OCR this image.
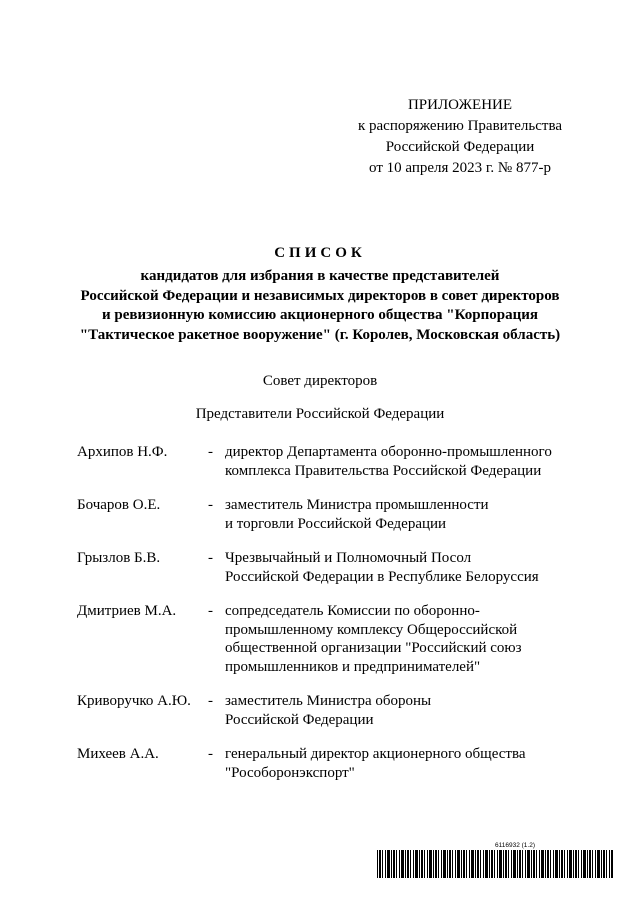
ПРИЛОЖЕНИЕ
к распоряжению Правительства
Российской Федерации
от 10 апреля 2023 г. № 877-р
СПИСОК
кандидатов для избрания в качестве представителей
Российской Федерации и независимых директоров в совет директоров
и ревизионную комиссию акционерного общества "Корпорация
"Тактическое ракетное вооружение" (г. Королев, Московская область)
Совет директоров
Представители Российской Федерации
Архипов Н.Ф.	- директор Департамента оборонно-промышленного
комплекса Правительства Российской Федерации
Бочаров О.Е.	- заместитель Министра промышленности
и торговли Российской Федерации
Грызлов Б.В.	- Чрезвычайный и Полномочный Посол
Российской Федерации в Республике Белоруссия
Дмитриев М.А. - сопредседатель Комиссии по оборонно-
промышленному комплексу Общероссийской
общественной организации "Российский союз
промышленников и предпринимателей"
Криворучко А.Ю. - заместитель Министра обороны
Российской Федерации
Михеев А.А.	- генеральный директор акционерного общества
"Рособоронэкспорт"
6116932 (1.2)
